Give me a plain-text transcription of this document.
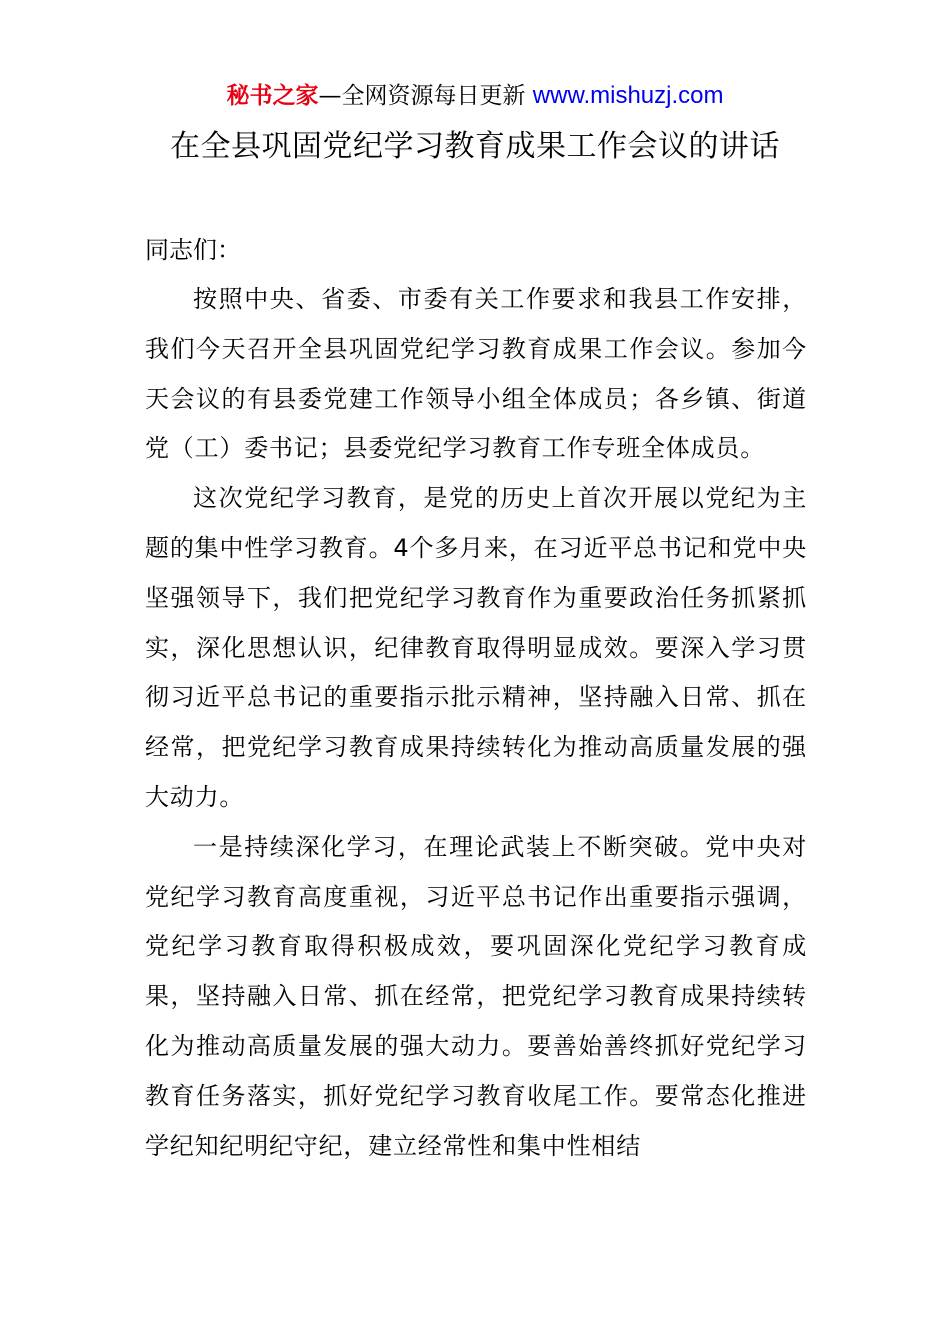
秘书之家—全网资源每日更新 www.mishuzj.com
在全县巩固党纪学习教育成果工作会议的讲话

同志们：

按照中央、省委、市委有关工作要求和我县工作安排，我们今天召开全县巩固党纪学习教育成果工作会议。参加今天会议的有县委党建工作领导小组全体成员；各乡镇、街道党（工）委书记；县委党纪学习教育工作专班全体成员。

这次党纪学习教育，是党的历史上首次开展以党纪为主题的集中性学习教育。4个多月来，在习近平总书记和党中央坚强领导下，我们把党纪学习教育作为重要政治任务抓紧抓实，深化思想认识，纪律教育取得明显成效。要深入学习贯彻习近平总书记的重要指示批示精神，坚持融入日常、抓在经常，把党纪学习教育成果持续转化为推动高质量发展的强大动力。

一是持续深化学习，在理论武装上不断突破。党中央对党纪学习教育高度重视，习近平总书记作出重要指示强调，党纪学习教育取得积极成效，要巩固深化党纪学习教育成果，坚持融入日常、抓在经常，把党纪学习教育成果持续转化为推动高质量发展的强大动力。要善始善终抓好党纪学习教育任务落实，抓好党纪学习教育收尾工作。要常态化推进学纪知纪明纪守纪，建立经常性和集中性相结
